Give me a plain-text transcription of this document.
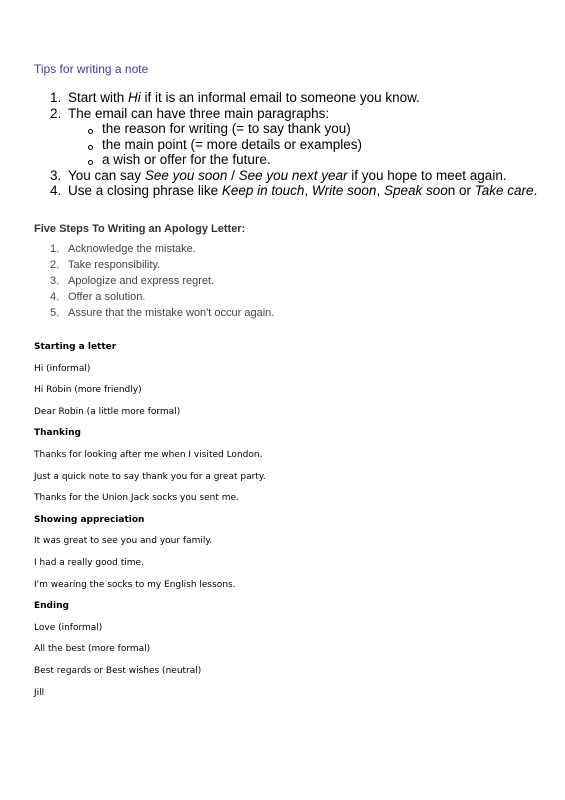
Tips for writing a note
1. Start with Hi if it is an informal email to someone you know.
2. The email can have three main paragraphs:
the reason for writing (= to say thank you)
the main point (= more details or examples)
a wish or offer for the future.
3. You can say See you soon / See you next year if you hope to meet again.
4. Use a closing phrase like Keep in touch, Write soon, Speak soon or Take care.
Five Steps To Writing an Apology Letter:
1. Acknowledge the mistake.
2. Take responsibility.
3. Apologize and express regret.
4. Offer a solution.
5. Assure that the mistake won't occur again.
Starting a letter
Hi (informal)
Hi Robin (more friendly)
Dear Robin (a little more formal)
Thanking
Thanks for looking after me when I visited London.
Just a quick note to say thank you for a great party.
Thanks for the Union Jack socks you sent me.
Showing appreciation
It was great to see you and your family.
I had a really good time.
I'm wearing the socks to my English lessons.
Ending
Love (informal)
All the best (more formal)
Best regards or Best wishes (neutral)
Jill
